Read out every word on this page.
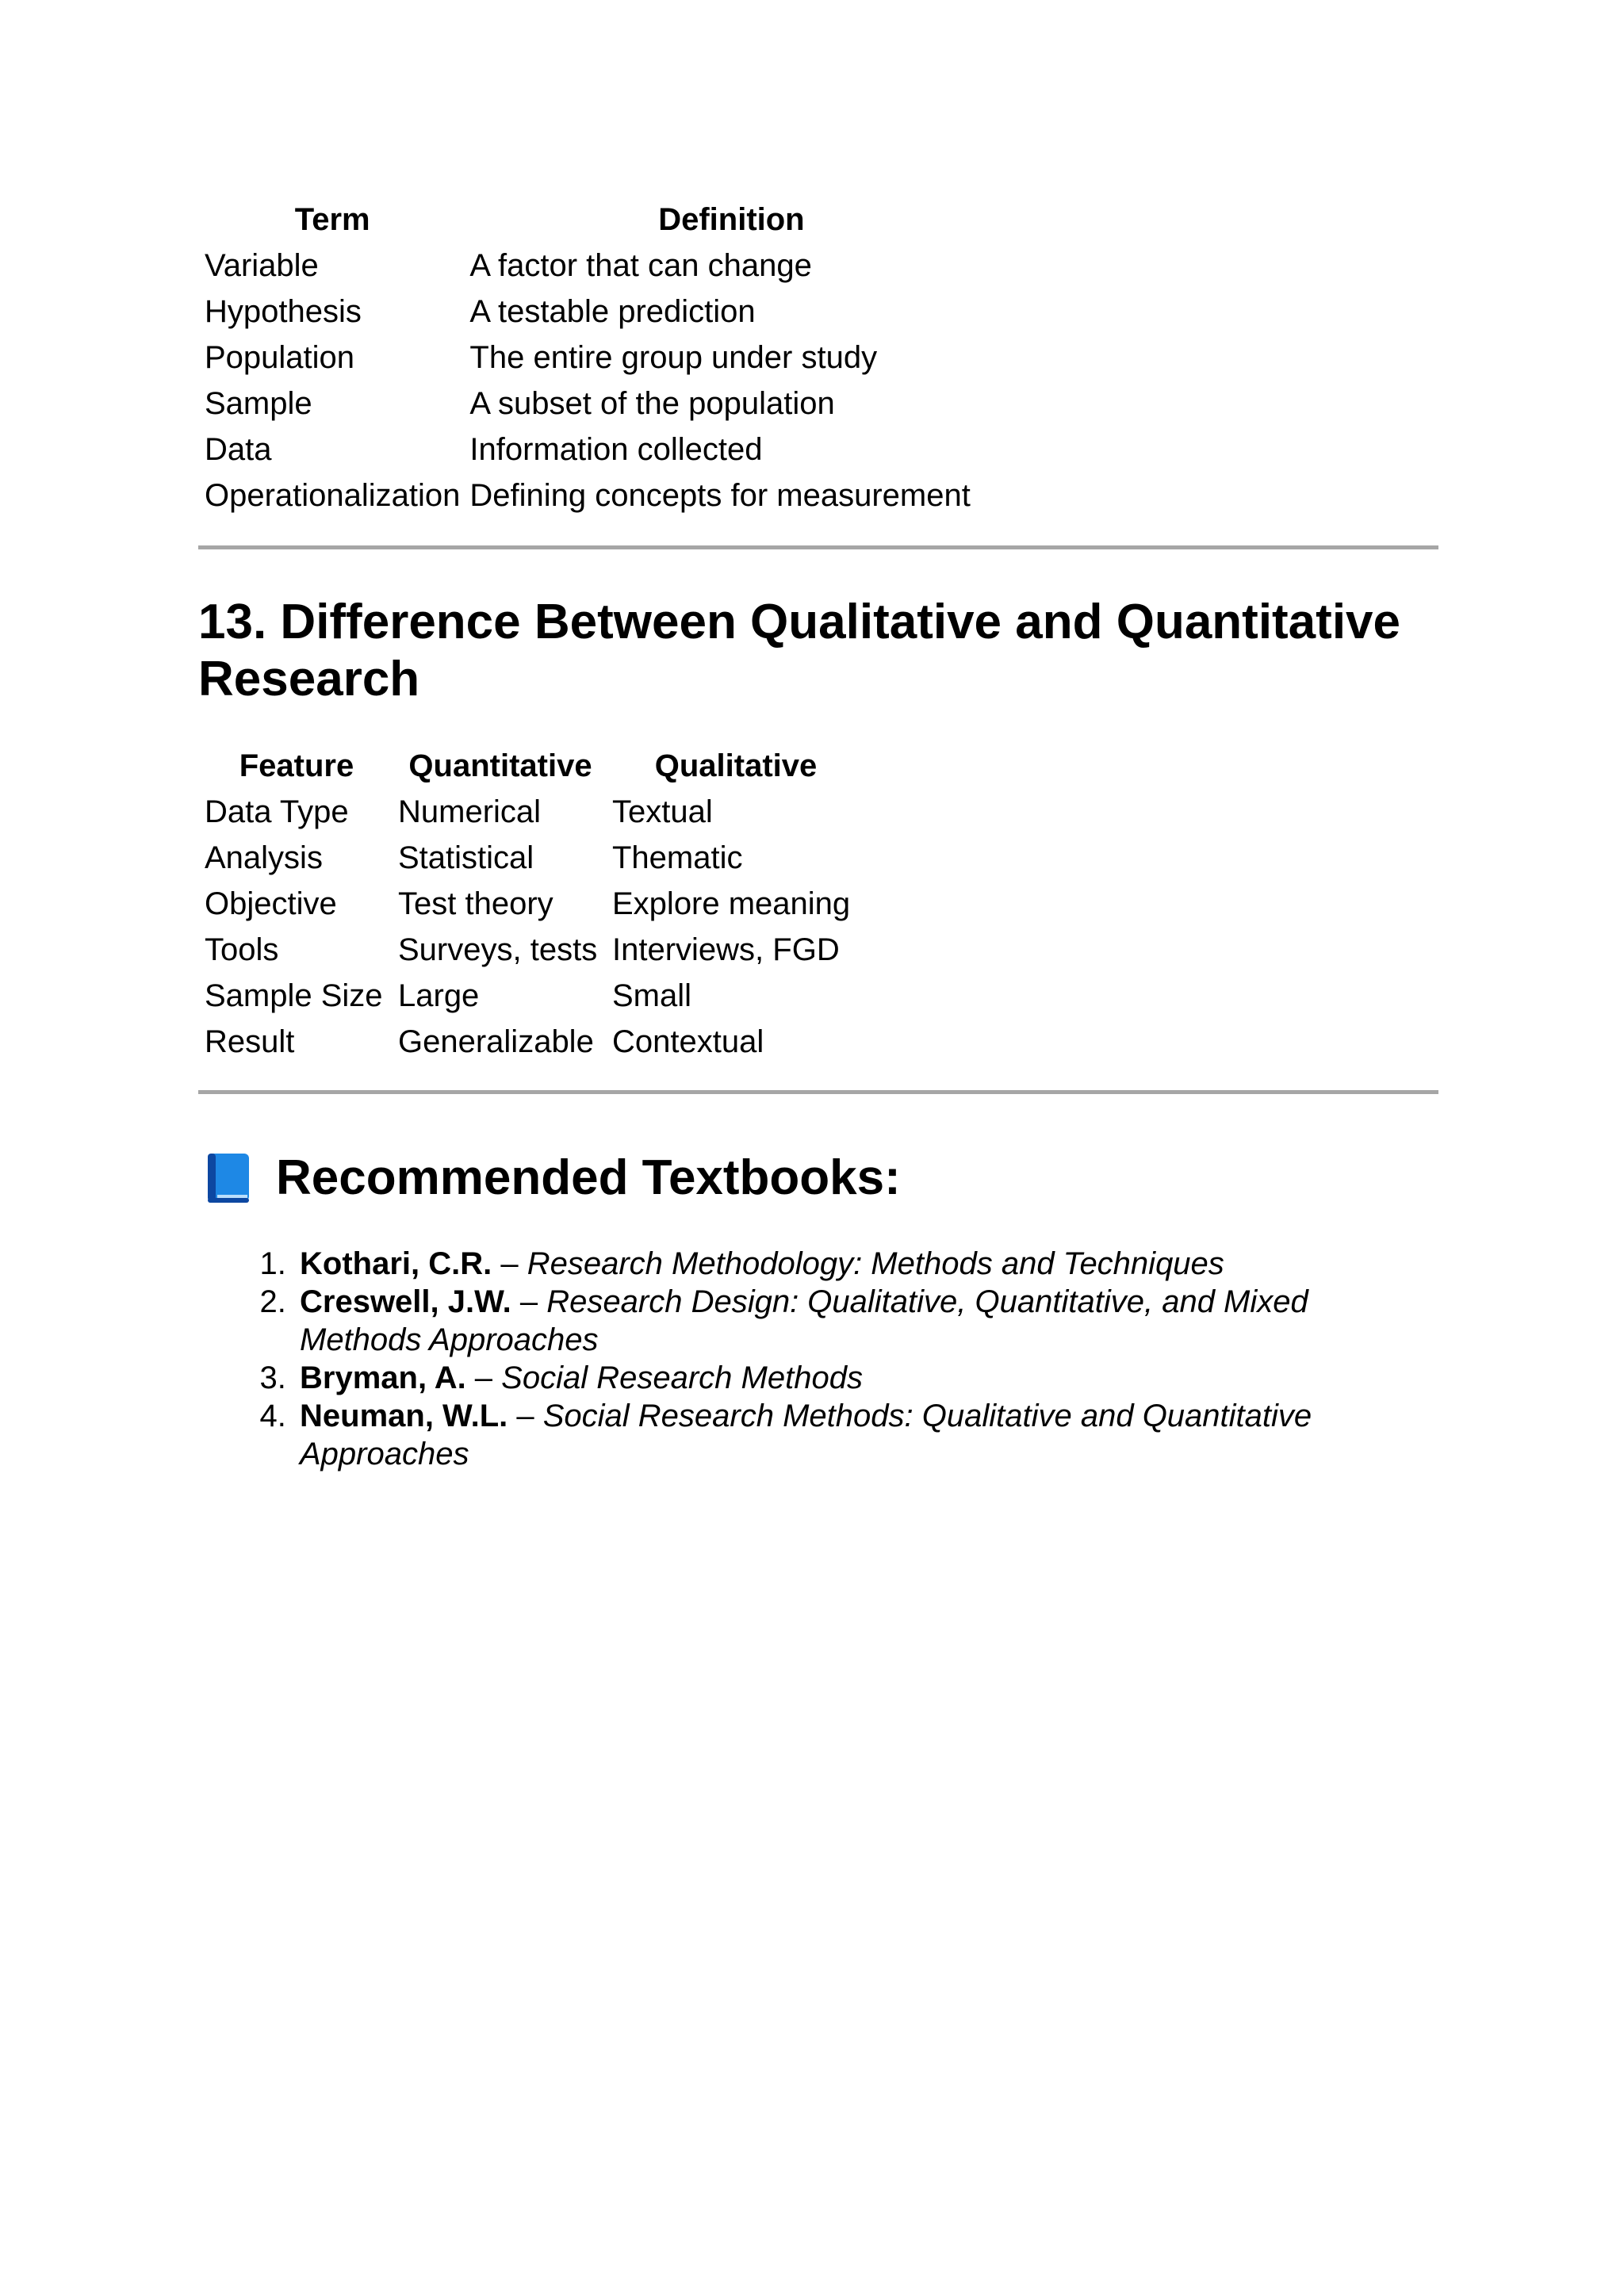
Term	Definition
Variable	A factor that can change
Hypothesis	A testable prediction
Population	The entire group under study
Sample	A subset of the population
Data	Information collected
Operationalization	Defining concepts for measurement
13. Difference Between Qualitative and Quantitative Research
Feature	Quantitative	Qualitative
Data Type	Numerical	Textual
Analysis	Statistical	Thematic
Objective	Test theory	Explore meaning
Tools	Surveys, tests	Interviews, FGD
Sample Size	Large	Small
Result	Generalizable	Contextual
Recommended Textbooks:
1. Kothari, C.R. – Research Methodology: Methods and Techniques
2. Creswell, J.W. – Research Design: Qualitative, Quantitative, and Mixed Methods Approaches
3. Bryman, A. – Social Research Methods
4. Neuman, W.L. – Social Research Methods: Qualitative and Quantitative Approaches
